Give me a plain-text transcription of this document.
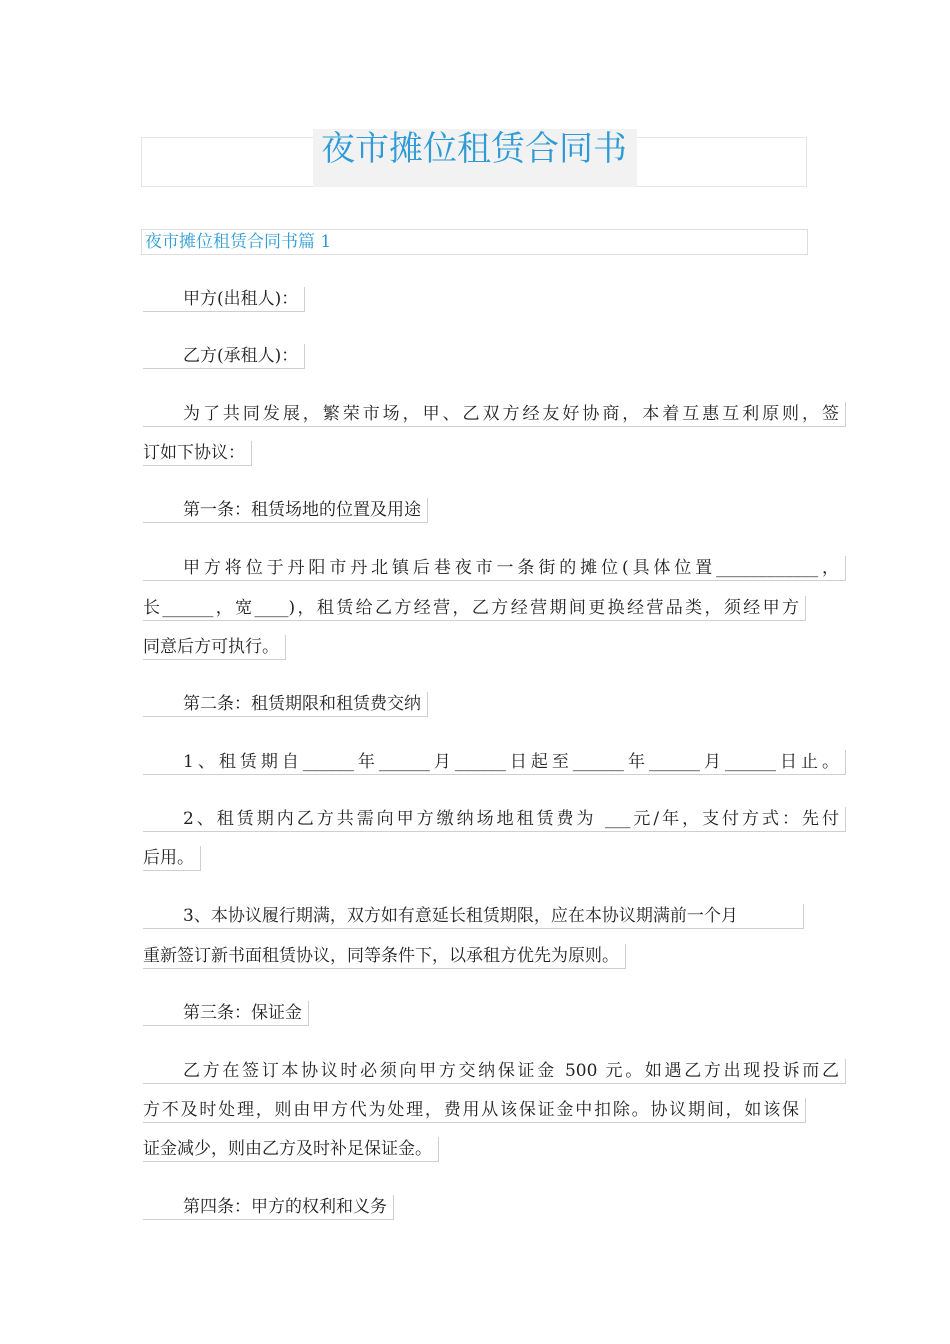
夜市摊位租赁合同书
夜市摊位租赁合同书篇 1
甲方(出租人)：
乙方(承租人)：
为了共同发展，繁荣市场，甲、乙双方经友好协商，本着互惠互利原则，签
订如下协议：
第一条：租赁场地的位置及用途
甲方将位于丹阳市丹北镇后巷夜市一条街的摊位(具体位置____________，
长______，宽____)，租赁给乙方经营，乙方经营期间更换经营品类，须经甲方
同意后方可执行。
第二条：租赁期限和租赁费交纳
1、租赁期自______年______月______日起至______年______月______日止。
2、租赁期内乙方共需向甲方缴纳场地租赁费为 ___元/年，支付方式：先付
后用。
3、本协议履行期满，双方如有意延长租赁期限，应在本协议期满前一个月
重新签订新书面租赁协议，同等条件下，以承租方优先为原则。
第三条：保证金
乙方在签订本协议时必须向甲方交纳保证金 500 元。如遇乙方出现投诉而乙
方不及时处理，则由甲方代为处理，费用从该保证金中扣除。协议期间，如该保
证金减少，则由乙方及时补足保证金。
第四条：甲方的权利和义务
